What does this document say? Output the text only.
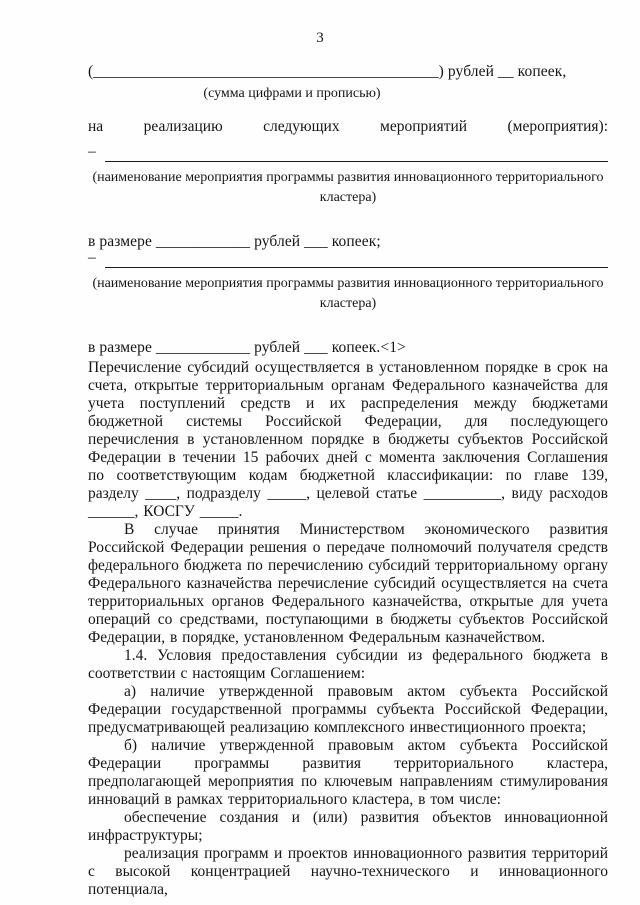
3
(____________________________________________) рублей __ копеек,
(сумма цифрами и прописью)
на реализацию следующих мероприятий (мероприятия):
–
(наименование мероприятия программы развития инновационного территориального кластера)
в размере ____________ рублей ___ копеек;
–
(наименование мероприятия программы развития инновационного территориального кластера)
в размере ____________ рублей ___ копеек.<1>

Перечисление субсидий осуществляется в установленном порядке в срок на счета, открытые территориальным органам Федерального казначейства для учета поступлений средств и их распределения между бюджетами бюджетной системы Российской Федерации, для последующего перечисления в установленном порядке в бюджеты субъектов Российской Федерации в течении 15 рабочих дней с момента заключения Соглашения по соответствующим кодам бюджетной классификации: по главе 139, разделу ____, подразделу _____, целевой статье __________, виду расходов ______, КОСГУ _____.

В случае принятия Министерством экономического развития Российской Федерации решения о передаче полномочий получателя средств федерального бюджета по перечислению субсидий территориальному органу Федерального казначейства перечисление субсидий осуществляется на счета территориальных органов Федерального казначейства, открытые для учета операций со средствами, поступающими в бюджеты субъектов Российской Федерации, в порядке, установленном Федеральным казначейством.

1.4. Условия предоставления субсидии из федерального бюджета в соответствии с настоящим Соглашением:

а) наличие утвержденной правовым актом субъекта Российской Федерации государственной программы субъекта Российской Федерации, предусматривающей реализацию комплексного инвестиционного проекта;

б) наличие утвержденной правовым актом субъекта Российской Федерации программы развития территориального кластера, предполагающей мероприятия по ключевым направлениям стимулирования инноваций в рамках территориального кластера, в том числе:

обеспечение создания и (или) развития объектов инновационной инфраструктуры;

реализация программ и проектов инновационного развития территорий с высокой концентрацией научно-технического и инновационного потенциала,
